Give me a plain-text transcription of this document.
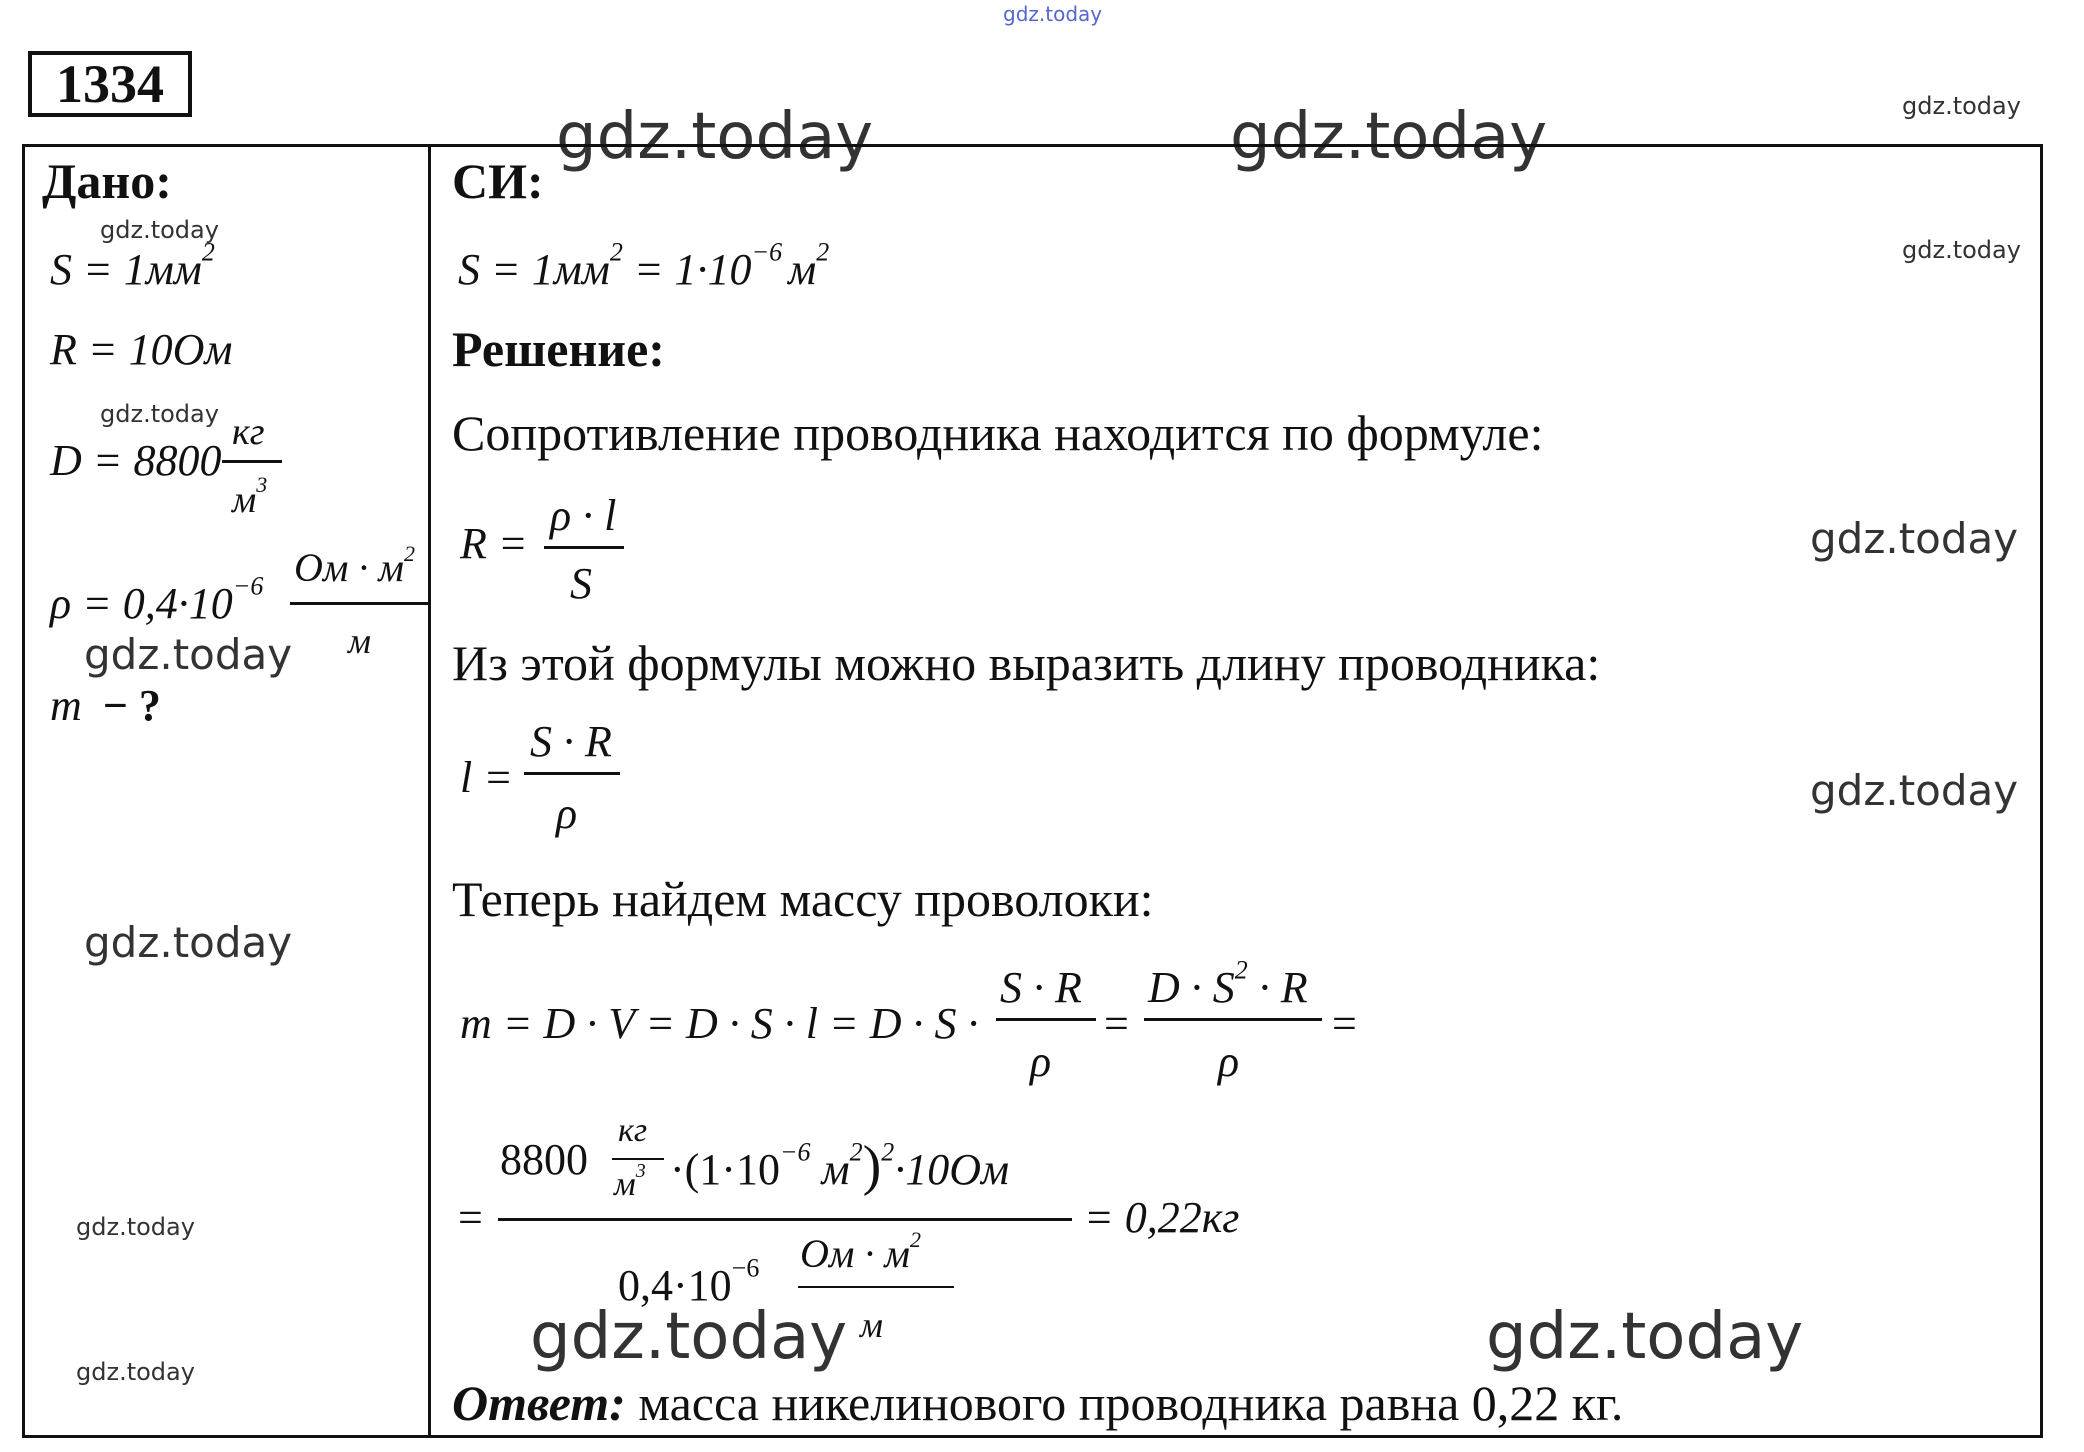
gdz.today
gdz.today
gdz.today
gdz.today
gdz.today
gdz.today
gdz.today
gdz.today
gdz.today
gdz.today
gdz.today
gdz.today	gdz.today
gdz.today	gdz.today
1334
Дано:
$S = 1мм^2$
R = 10Ом
D = 8800
кг
$м^3$
$\rho = 0,4\cdot 10^{-6}$ Ом · $м^2$
м
m − ?
СИ:
$S = 1мм^2 = 1\cdot 10^{-6}$ $м^2$
Решение:
Сопротивление проводника находится по формуле:
R =
ρ · l
S
Из этой формулы можно выразить длину проводника:
l =
S · R
ρ
Теперь найдем массу проволоки:
m = D · V = D · S · l = D · S ·
S · R
ρ
=
$D \cdot S^2 \cdot R$
ρ
=
=
8800
кг
$м^3 \cdot(1\cdot 10^{-6}$ $м^2)^2\cdot 10Ом$
$0,4\cdot 10^{-6}$ Ом · $м^2$
м
= 0,22кг
Ответ: масса никелинового проводника равна 0,22 кг.
